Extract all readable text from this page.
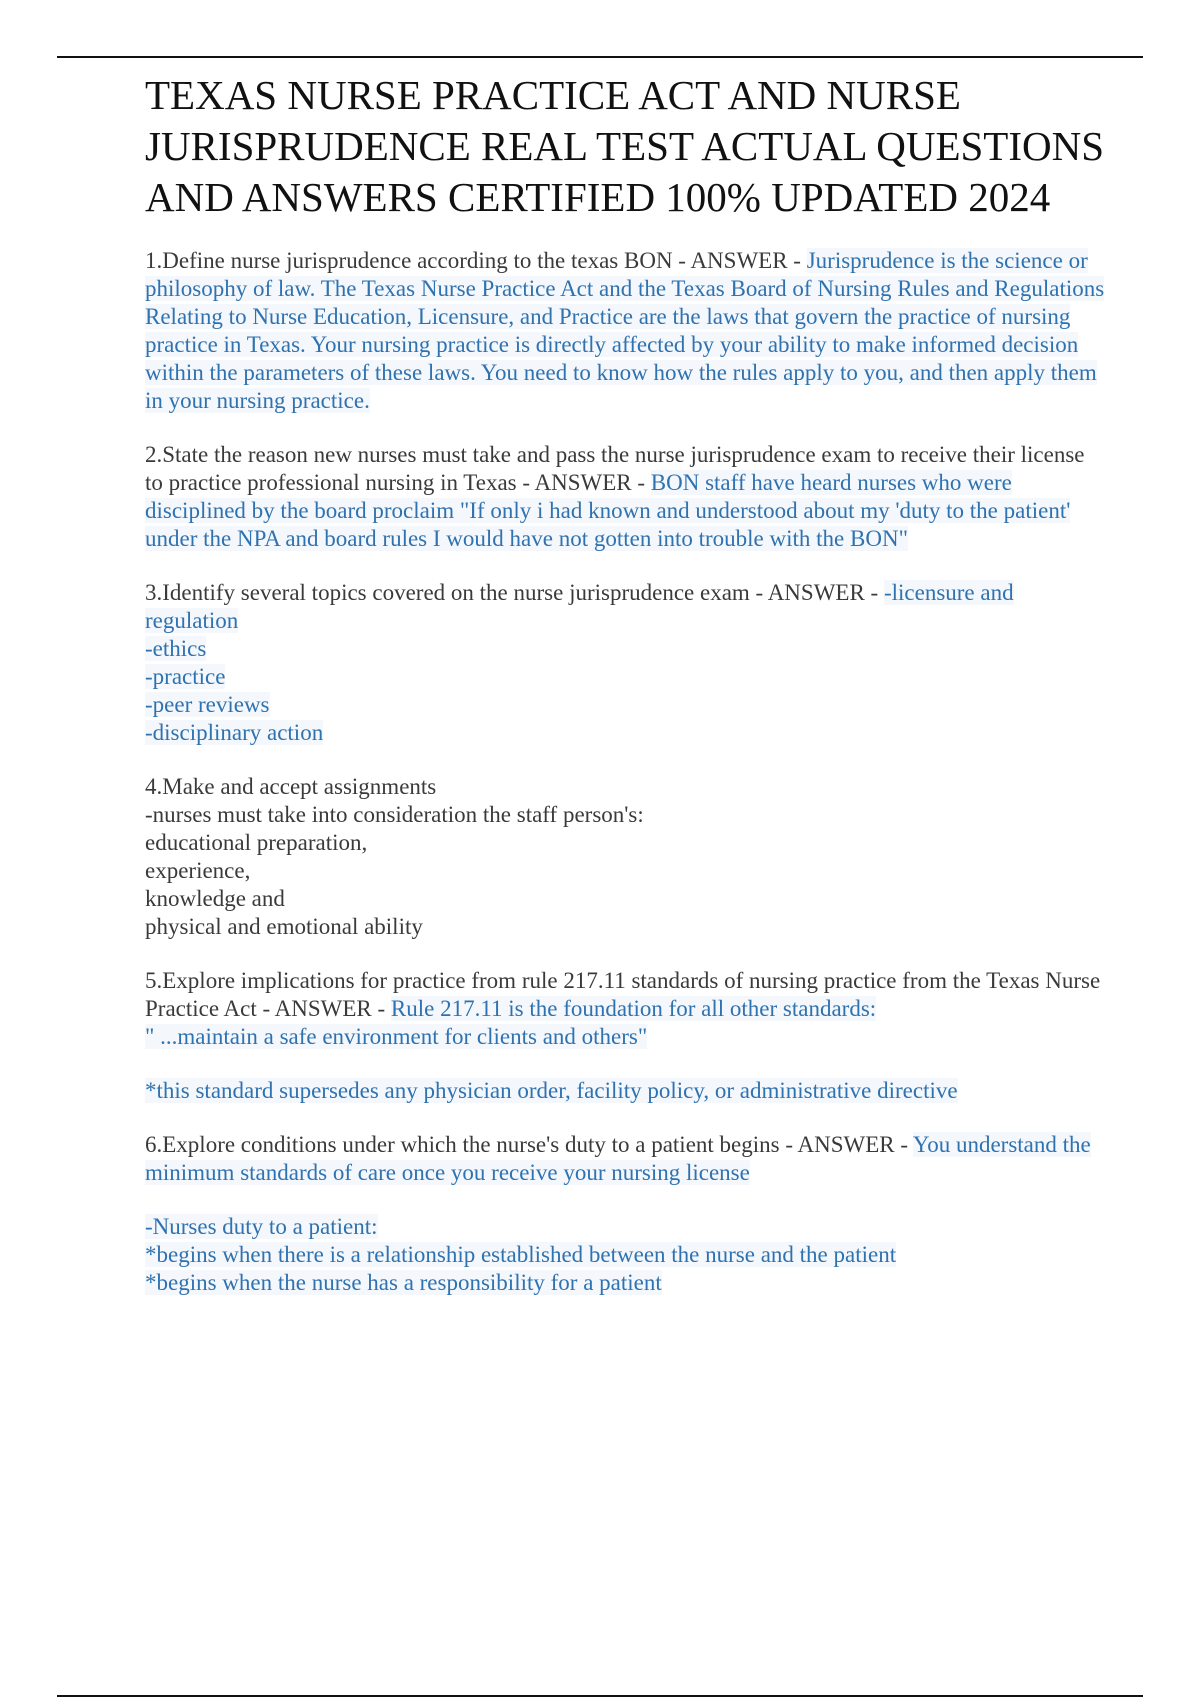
TEXAS NURSE PRACTICE ACT AND NURSE JURISPRUDENCE REAL TEST ACTUAL QUESTIONS AND ANSWERS CERTIFIED 100% UPDATED 2024

1.Define nurse jurisprudence according to the texas BON - ANSWER - Jurisprudence is the science or philosophy of law. The Texas Nurse Practice Act and the Texas Board of Nursing Rules and Regulations Relating to Nurse Education, Licensure, and Practice are the laws that govern the practice of nursing practice in Texas. Your nursing practice is directly affected by your ability to make informed decision within the parameters of these laws. You need to know how the rules apply to you, and then apply them in your nursing practice.

2.State the reason new nurses must take and pass the nurse jurisprudence exam to receive their license to practice professional nursing in Texas - ANSWER - BON staff have heard nurses who were disciplined by the board proclaim "If only i had known and understood about my 'duty to the patient' under the NPA and board rules I would have not gotten into trouble with the BON"

3.Identify several topics covered on the nurse jurisprudence exam - ANSWER - -licensure and regulation
-ethics
-practice
-peer reviews
-disciplinary action

4.Make and accept assignments
-nurses must take into consideration the staff person's:
educational preparation,
experience,
knowledge and
physical and emotional ability

5.Explore implications for practice from rule 217.11 standards of nursing practice from the Texas Nurse Practice Act - ANSWER - Rule 217.11 is the foundation for all other standards:
" ...maintain a safe environment for clients and others"
*this standard supersedes any physician order, facility policy, or administrative directive

6.Explore conditions under which the nurse's duty to a patient begins - ANSWER - You understand the minimum standards of care once you receive your nursing license
-Nurses duty to a patient:
*begins when there is a relationship established between the nurse and the patient
*begins when the nurse has a responsibility for a patient
